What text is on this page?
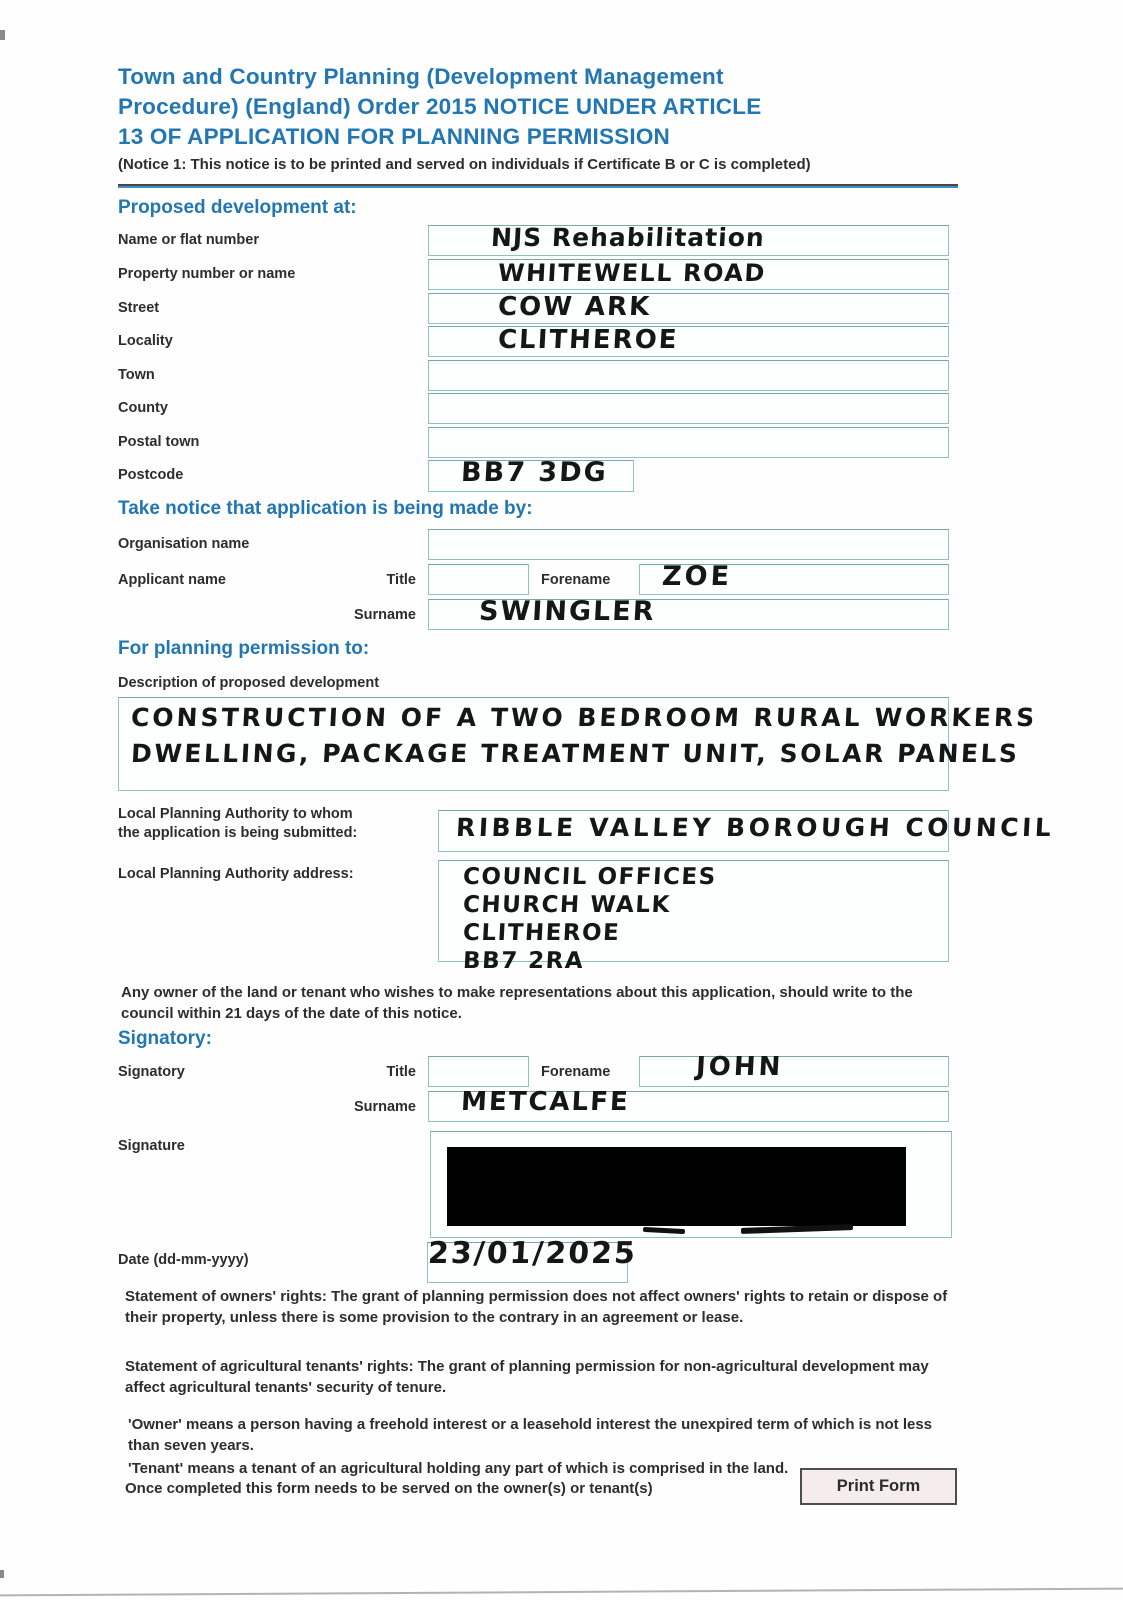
Town and Country Planning (Development Management
Procedure) (England) Order 2015 NOTICE UNDER ARTICLE
13 OF APPLICATION FOR PLANNING PERMISSION
(Notice 1: This notice is to be printed and served on individuals if Certificate B or C is completed)
Proposed development at:
Name or flat number	NJS Rehabilitation
Property number or name	WHITEWELL ROAD
Street	COW ARK
Locality	CLITHEROE
Town
County
Postal town
Postcode	BB7 3DG
Take notice that application is being made by:
Organisation name
Applicant name	Title	Forename ZOE
Surname SWINGLER
For planning permission to:
Description of proposed development
CONSTRUCTION OF A TWO BEDROOM RURAL WORKERS
DWELLING, PACKAGE TREATMENT UNIT, SOLAR PANELS
Local Planning Authority to whom
the application is being submitted:	RIBBLE VALLEY BOROUGH COUNCIL
Local Planning Authority address:	COUNCIL OFFICES
CHURCH WALK
CLITHEROE
BB7 2RA
Any owner of the land or tenant who wishes to make representations about this application, should write to the council within 21 days of the date of this notice.
Signatory:
Signatory	Title	Forename	JOHN
Surname METCALFE
Signature
Date (dd-mm-yyyy)	23/01/2025
Statement of owners' rights: The grant of planning permission does not affect owners' rights to retain or dispose of their property, unless there is some provision to the contrary in an agreement or lease.
Statement of agricultural tenants' rights: The grant of planning permission for non-agricultural development may affect agricultural tenants' security of tenure.
'Owner' means a person having a freehold interest or a leasehold interest the unexpired term of which is not less than seven years.
'Tenant' means a tenant of an agricultural holding any part of which is comprised in the land.
Once completed this form needs to be served on the owner(s) or tenant(s)	Print Form
